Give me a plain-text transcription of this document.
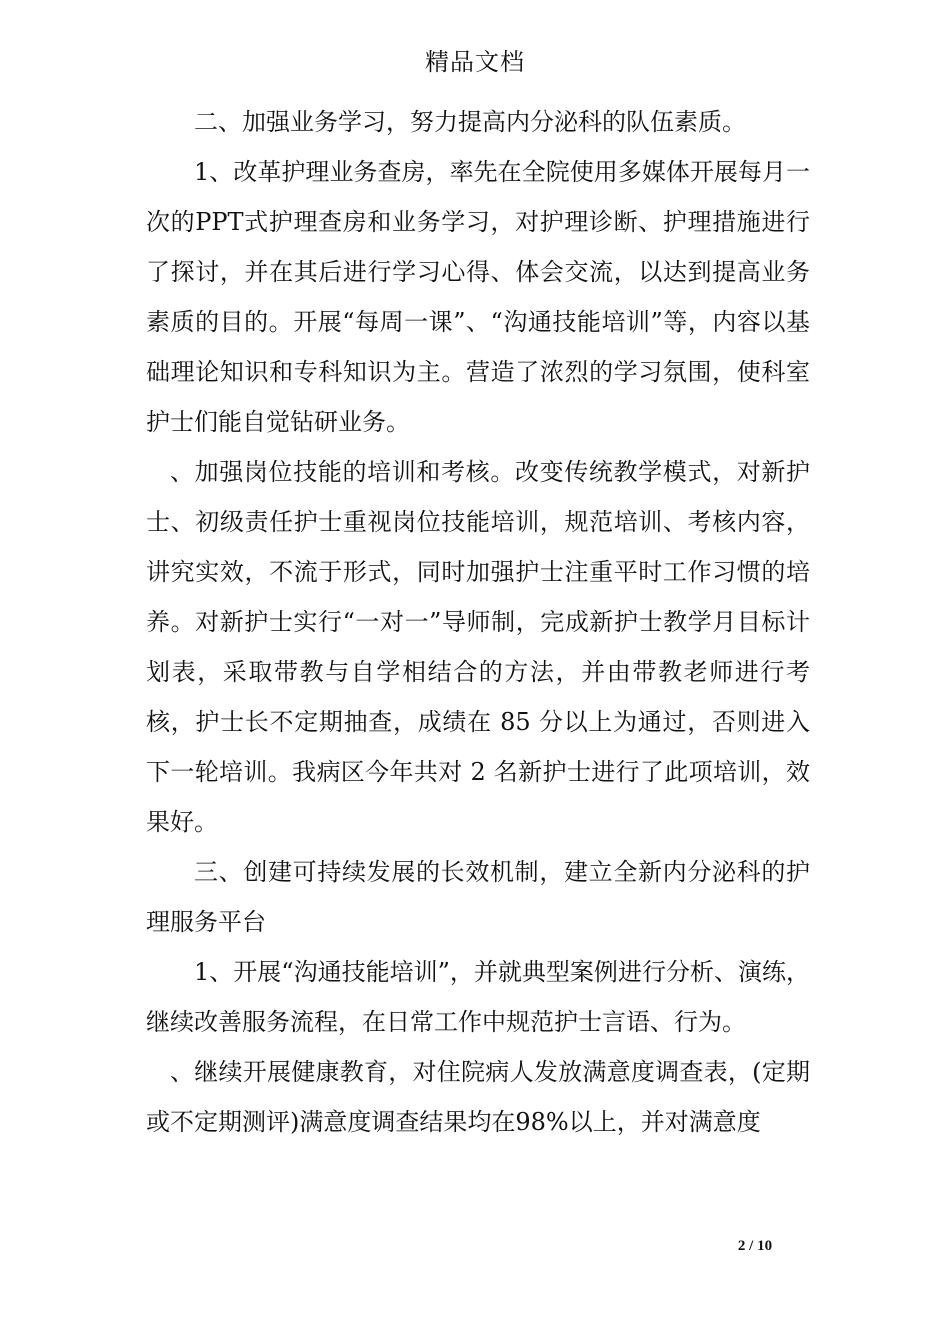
精品文档

二、加强业务学习，努力提高内分泌科的队伍素质。

1、改革护理业务查房，率先在全院使用多媒体开展每月一次的PPT式护理查房和业务学习，对护理诊断、护理措施进行了探讨，并在其后进行学习心得、体会交流，以达到提高业务素质的目的。开展“每周一课”、“沟通技能培训”等，内容以基础理论知识和专科知识为主。营造了浓烈的学习氛围，使科室护士们能自觉钻研业务。

、加强岗位技能的培训和考核。改变传统教学模式，对新护士、初级责任护士重视岗位技能培训，规范培训、考核内容，讲究实效，不流于形式，同时加强护士注重平时工作习惯的培养。对新护士实行“一对一”导师制，完成新护士教学月目标计划表，采取带教与自学相结合的方法，并由带教老师进行考核，护士长不定期抽查，成绩在 85 分以上为通过，否则进入下一轮培训。我病区今年共对 2 名新护士进行了此项培训，效果好。

三、创建可持续发展的长效机制，建立全新内分泌科的护理服务平台

1、开展“沟通技能培训”，并就典型案例进行分析、演练，继续改善服务流程，在日常工作中规范护士言语、行为。

、继续开展健康教育，对住院病人发放满意度调查表，(定期或不定期测评)满意度调查结果均在98%以上，并对满意度

2 / 10
